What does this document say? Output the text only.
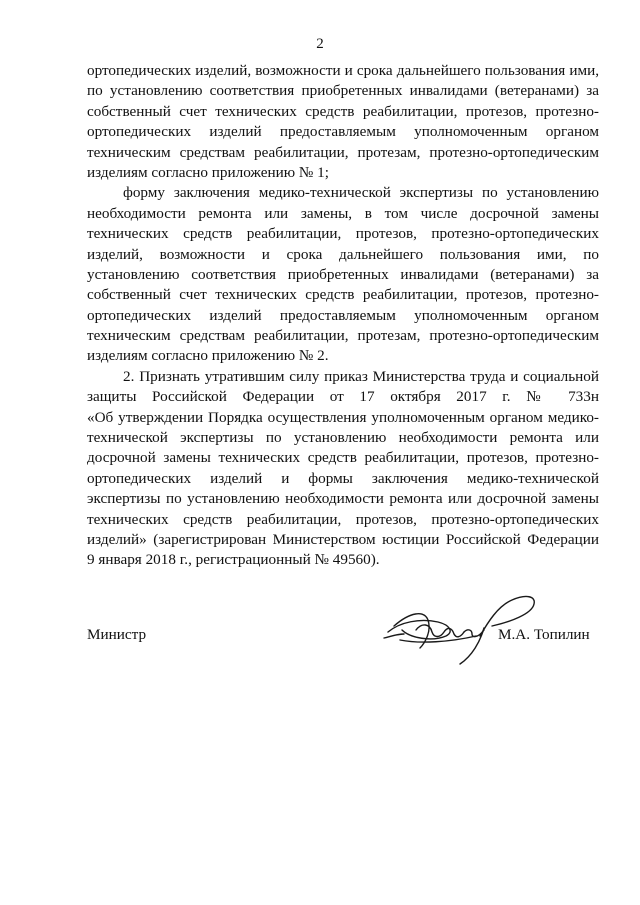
2
ортопедических изделий, возможности и срока дальнейшего пользования ими,
по установлению соответствия приобретенных инвалидами (ветеранами) за
собственный счет технических средств реабилитации, протезов, протезно-
ортопедических изделий предоставляемым уполномоченным органом
техническим средствам реабилитации, протезам, протезно-ортопедическим
изделиям согласно приложению № 1;
форму заключения медико-технической экспертизы по установлению
необходимости ремонта или замены, в том числе досрочной замены
технических средств реабилитации, протезов, протезно-ортопедических
изделий, возможности и срока дальнейшего пользования ими, по
установлению соответствия приобретенных инвалидами (ветеранами) за
собственный счет технических средств реабилитации, протезов, протезно-
ортопедических изделий предоставляемым уполномоченным органом
техническим средствам реабилитации, протезам, протезно-ортопедическим
изделиям согласно приложению № 2.
2. Признать утратившим силу приказ Министерства труда и социальной
защиты Российской Федерации от 17 октября 2017 г. № 733н
«Об утверждении Порядка осуществления уполномоченным органом медико-
технической экспертизы по установлению необходимости ремонта или
досрочной замены технических средств реабилитации, протезов, протезно-
ортопедических изделий и формы заключения медико-технической
экспертизы по установлению необходимости ремонта или досрочной замены
технических средств реабилитации, протезов, протезно-ортопедических
изделий» (зарегистрирован Министерством юстиции Российской Федерации
9 января 2018 г., регистрационный № 49560).
Министр	М.А. Топилин
